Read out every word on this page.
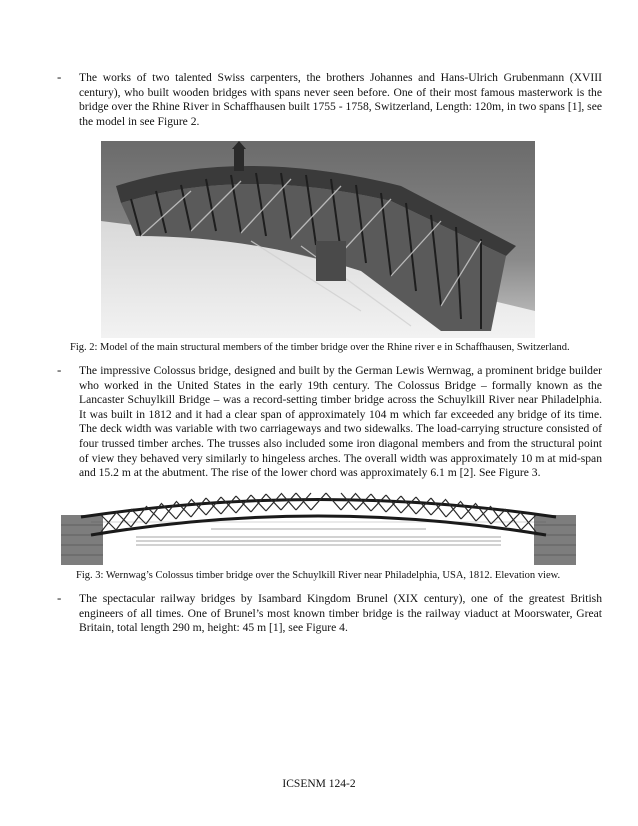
-	The works of two talented Swiss carpenters, the brothers Johannes and Hans-Ulrich Grubenmann (XVIII century), who built wooden bridges with spans never seen before. One of their most famous masterwork is the bridge over the Rhine River in Schaffhausen built 1755 - 1758, Switzerland, Length: 120m, in two spans [1], see the model in see Figure 2.
Fig. 2: Model of the main structural members of the timber bridge over the Rhine river e in Schaffhausen, Switzerland.
-	The impressive Colossus bridge, designed and built by the German Lewis Wernwag, a prominent bridge builder who worked in the United States in the early 19th century. The Colossus Bridge – formally known as the Lancaster Schuylkill Bridge – was a record-setting timber bridge across the Schuylkill River near Philadelphia. It was built in 1812 and it had a clear span of approximately 104 m which far exceeded any bridge of its time. The deck width was variable with two carriageways and two sidewalks. The load-carrying structure consisted of four trussed timber arches. The trusses also included some iron diagonal members and from the structural point of view they behaved very similarly to hingeless arches. The overall width was approximately 10 m at mid-span and 15.2 m at the abutment. The rise of the lower chord was approximately 6.1 m [2]. See Figure 3.
Fig. 3: Wernwag’s Colossus timber bridge over the Schuylkill River near Philadelphia, USA, 1812. Elevation view.
-	The spectacular railway bridges by Isambard Kingdom Brunel (XIX century), one of the greatest British engineers of all times. One of Brunel’s most known timber bridge is the railway viaduct at Moorswater, Great Britain, total length 290 m, height: 45 m [1], see Figure 4.
ICSENM 124-2
